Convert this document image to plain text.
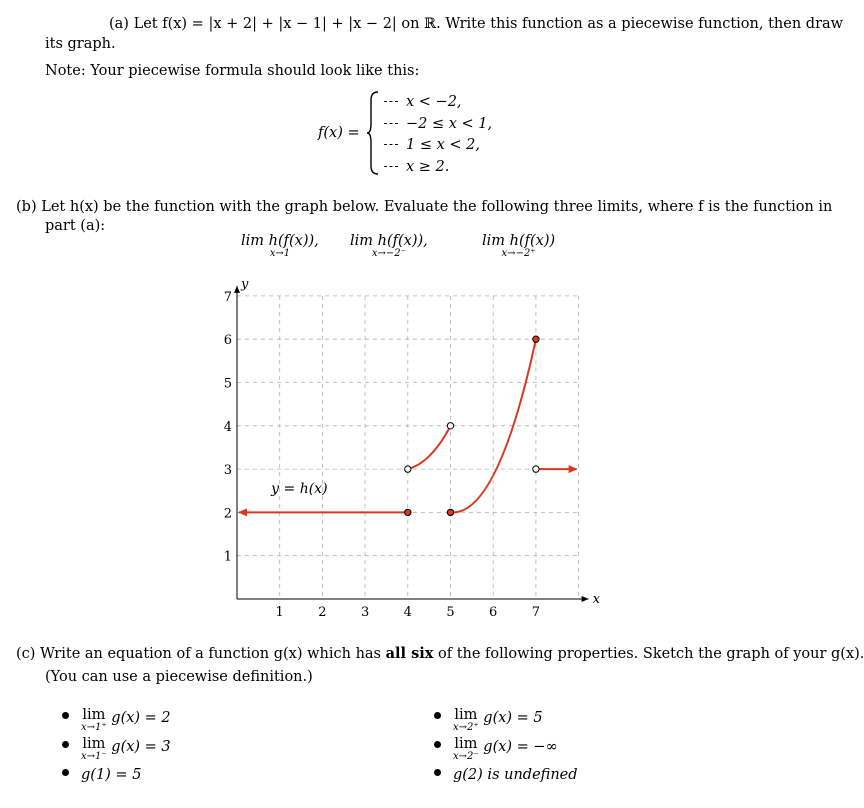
(a) Let f(x) = |x + 2| + |x − 1| + |x − 2| on ℝ. Write this function as a piecewise function, then draw
its graph.
Note: Your piecewise formula should look like this:
f(x) =
x < −2,
−2 ≤ x < 1,
1 ≤ x < 2,
x ≥ 2.
(b) Let h(x) be the function with the graph below. Evaluate the following three limits, where f is the function in
part (a):
lim h(f(x)),
x→1
lim h(f(x)),
x→−2⁻
lim h(f(x))
x→−2⁺
1	2	3	4	5	6	7
1
2
3
4
5
6
7
y
x
y = h(x)
(c) Write an equation of a function g(x) which has all six of the following properties. Sketch the graph of your g(x).
(You can use a piecewise definition.)
lim
x→1⁺
g(x) = 2
lim
x→1⁻
g(x) = 3
g(1) = 5
lim
x→2⁺
g(x) = 5
lim
x→2⁻
g(x) = −∞
g(2) is undefined
